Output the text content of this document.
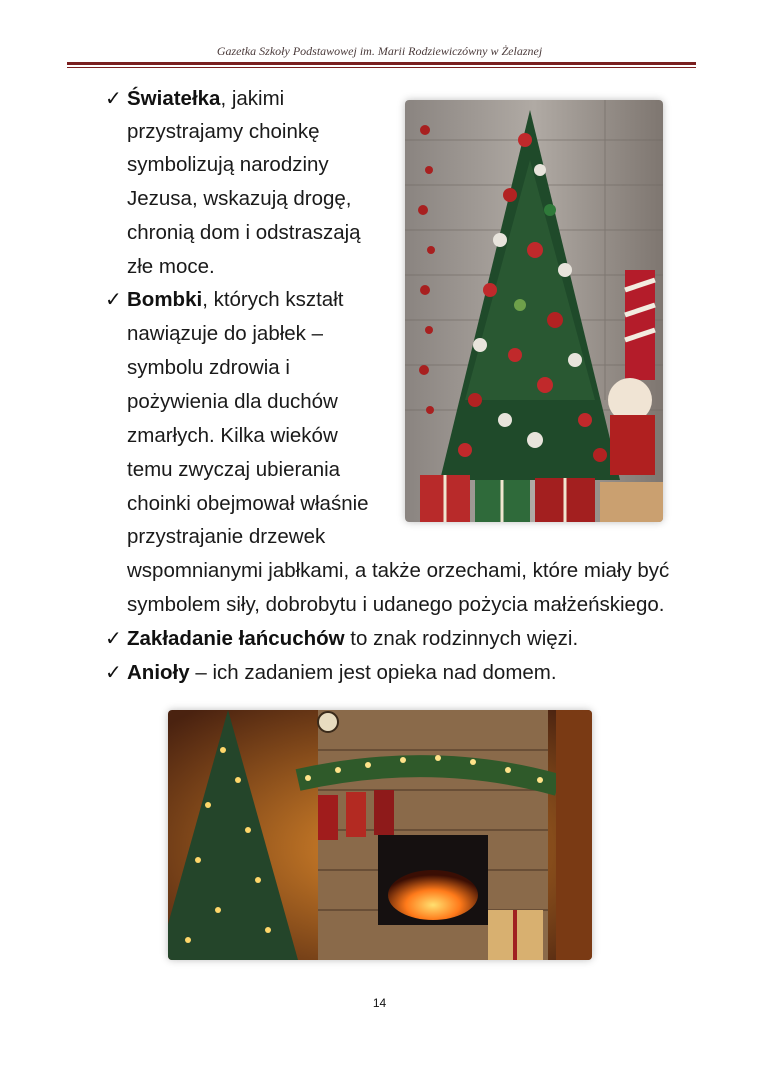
Gazetka Szkoły Podstawowej im. Marii Rodziewiczówny w Żelaznej
✓ Światełka, jakimi
przystrajamy choinkę
symbolizują narodziny
Jezusa, wskazują drogę,
chronią dom i odstraszają
złe moce.
✓ Bombki, których kształt
nawiązuje do jabłek –
symbolu zdrowia i
pożywienia dla duchów
zmarłych. Kilka wieków
temu zwyczaj ubierania
choinki obejmował właśnie
przystrajanie drzewek
wspomnianymi jabłkami, a także orzechami, które miały być
symbolem siły, dobrobytu i udanego pożycia małżeńskiego.
✓ Zakładanie łańcuchów to znak rodzinnych więzi.
✓ Anioły – ich zadaniem jest opieka nad domem.
14
